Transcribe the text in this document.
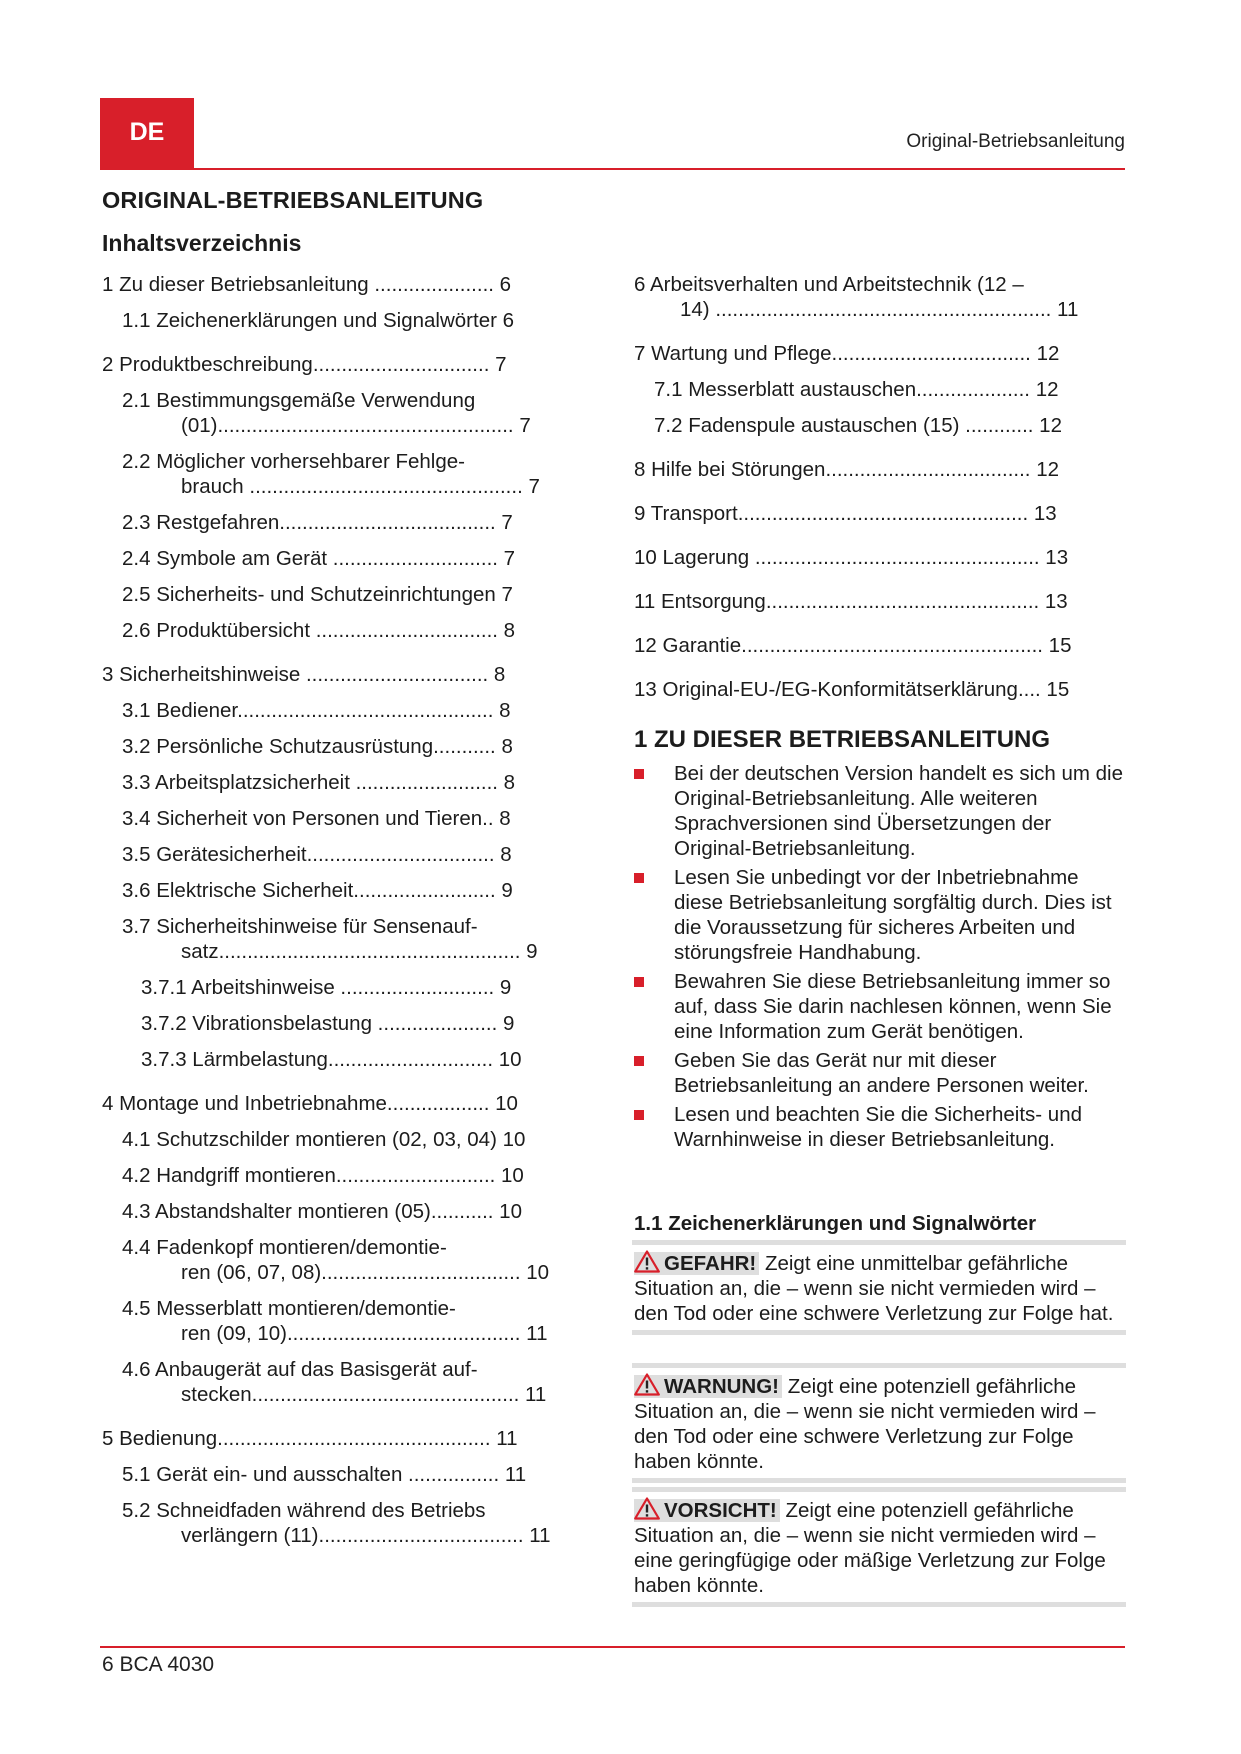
DE	Original-Betriebsanleitung
ORIGINAL-BETRIEBSANLEITUNG
Inhaltsverzeichnis
1 Zu dieser Betriebsanleitung ..................... 6
1.1 Zeichenerklärungen und Signalwörter 6
2 Produktbeschreibung............................... 7
2.1 Bestimmungsgemäße Verwendung
(01).................................................... 7
2.2 Möglicher vorhersehbarer Fehlge-
brauch ................................................ 7
2.3 Restgefahren...................................... 7
2.4 Symbole am Gerät ............................. 7
2.5 Sicherheits- und Schutzeinrichtungen 7
2.6 Produktübersicht ................................ 8
3 Sicherheitshinweise ................................ 8
3.1 Bediener............................................. 8
3.2 Persönliche Schutzausrüstung........... 8
3.3 Arbeitsplatzsicherheit ......................... 8
3.4 Sicherheit von Personen und Tieren.. 8
3.5 Gerätesicherheit................................. 8
3.6 Elektrische Sicherheit......................... 9
3.7 Sicherheitshinweise für Sensenauf-
satz..................................................... 9
3.7.1 Arbeitshinweise ........................... 9
3.7.2 Vibrationsbelastung ..................... 9
3.7.3 Lärmbelastung............................. 10
4 Montage und Inbetriebnahme.................. 10
4.1 Schutzschilder montieren (02, 03, 04) 10
4.2 Handgriff montieren............................ 10
4.3 Abstandshalter montieren (05)........... 10
4.4 Fadenkopf montieren/demontie-
ren (06, 07, 08)................................... 10
4.5 Messerblatt montieren/demontie-
ren (09, 10)......................................... 11
4.6 Anbaugerät auf das Basisgerät auf-
stecken............................................... 11
5 Bedienung................................................ 11
5.1 Gerät ein- und ausschalten ................ 11
5.2 Schneidfaden während des Betriebs
verlängern (11).................................... 11
6 Arbeitsverhalten und Arbeitstechnik (12 –
14) ........................................................... 11
7 Wartung und Pflege................................... 12
7.1 Messerblatt austauschen.................... 12
7.2 Fadenspule austauschen (15) ............ 12
8 Hilfe bei Störungen.................................... 12
9 Transport................................................... 13
10 Lagerung .................................................. 13
11 Entsorgung................................................ 13
12 Garantie..................................................... 15
13 Original-EU-/EG-Konformitätserklärung.... 15
1 ZU DIESER BETRIEBSANLEITUNG
Bei der deutschen Version handelt es sich um die Original-Betriebsanleitung. Alle weiteren Sprachversionen sind Übersetzungen der Original-Betriebsanleitung.
Lesen Sie unbedingt vor der Inbetriebnahme diese Betriebsanleitung sorgfältig durch. Dies ist die Voraussetzung für sicheres Arbeiten und störungsfreie Handhabung.
Bewahren Sie diese Betriebsanleitung immer so auf, dass Sie darin nachlesen können, wenn Sie eine Information zum Gerät benötigen.
Geben Sie das Gerät nur mit dieser Betriebsanleitung an andere Personen weiter.
Lesen und beachten Sie die Sicherheits- und Warnhinweise in dieser Betriebsanleitung.
1.1 Zeichenerklärungen und Signalwörter
GEFAHR! Zeigt eine unmittelbar gefährliche Situation an, die – wenn sie nicht vermieden wird – den Tod oder eine schwere Verletzung zur Folge hat.
WARNUNG! Zeigt eine potenziell gefährliche Situation an, die – wenn sie nicht vermieden wird – den Tod oder eine schwere Verletzung zur Folge haben könnte.
VORSICHT! Zeigt eine potenziell gefährliche Situation an, die – wenn sie nicht vermieden wird – eine geringfügige oder mäßige Verletzung zur Folge haben könnte.
6 BCA 4030
